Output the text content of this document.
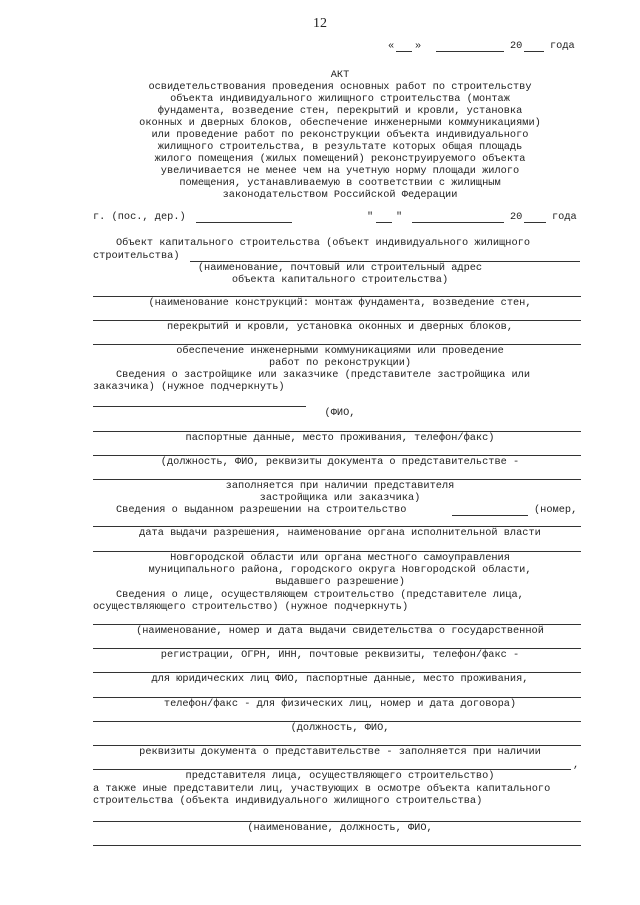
12
« »	20	года
АКТ
освидетельствования проведения основных работ по строительству
объекта индивидуального жилищного строительства (монтаж
фундамента, возведение стен, перекрытий и кровли, установка
оконных и дверных блоков, обеспечение инженерными коммуникациями)
или проведение работ по реконструкции объекта индивидуального
жилищного строительства, в результате которых общая площадь
жилого помещения (жилых помещений) реконструируемого объекта
увеличивается не менее чем на учетную норму площади жилого
помещения, устанавливаемую в соответствии с жилищным
законодательством Российской Федерации
г. (пос., дер.)	" "	20	года
Объект капитального строительства (объект индивидуального жилищного
строительства)
(наименование, почтовый или строительный адрес
объекта капитального строительства)
(наименование конструкций: монтаж фундамента, возведение стен,
перекрытий и кровли, установка оконных и дверных блоков,
обеспечение инженерными коммуникациями или проведение
работ по реконструкции)
Сведения о застройщике или заказчике (представителе застройщика или
заказчика) (нужное подчеркнуть)
(ФИО,
паспортные данные, место проживания, телефон/факс)
(должность, ФИО, реквизиты документа о представительстве -
заполняется при наличии представителя
застройщика или заказчика)
Сведения о выданном разрешении на строительство	(номер,
дата выдачи разрешения, наименование органа исполнительной власти
Новгородской области или органа местного самоуправления
муниципального района, городского округа Новгородской области,
выдавшего разрешение)
Сведения о лице, осуществляющем строительство (представителе лица,
осуществляющего строительство) (нужное подчеркнуть)
(наименование, номер и дата выдачи свидетельства о государственной
регистрации, ОГРН, ИНН, почтовые реквизиты, телефон/факс -
для юридических лиц ФИО, паспортные данные, место проживания,
телефон/факс - для физических лиц, номер и дата договора)
(должность, ФИО,
реквизиты документа о представительстве - заполняется при наличии
,
представителя лица, осуществляющего строительство)
а также иные представители лиц, участвующих в осмотре объекта капитального
строительства (объекта индивидуального жилищного строительства)
(наименование, должность, ФИО,
